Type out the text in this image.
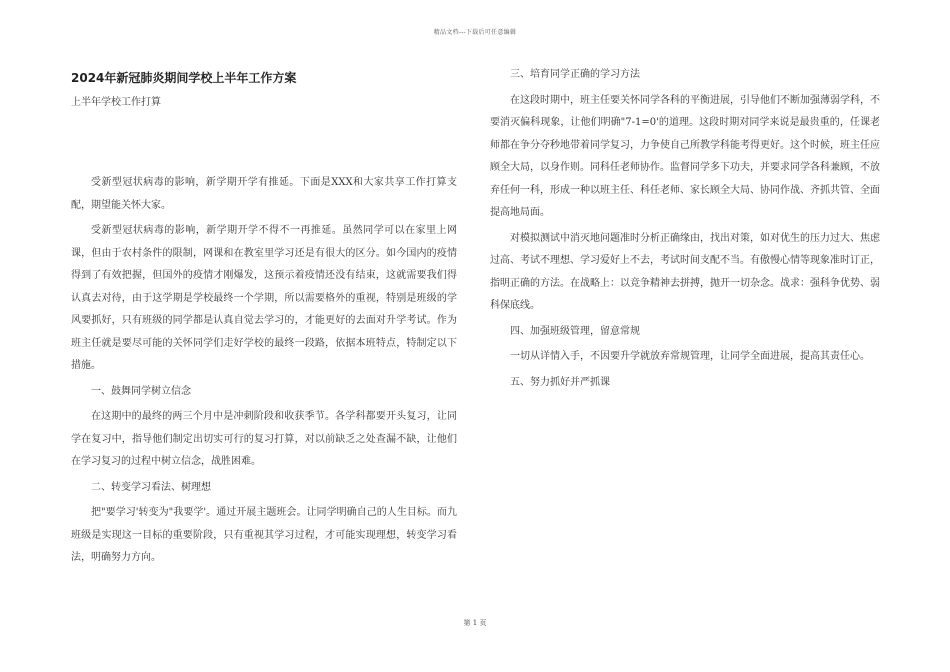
精品文档---下载后可任意编辑
2024年新冠肺炎期间学校上半年工作方案
上半年学校工作打算

受新型冠状病毒的影响，新学期开学有推延。下面是XXX和大家共享工作打算支配，期望能关怀大家。

受新型冠状病毒的影响，新学期开学不得不一再推延。虽然同学可以在家里上网课，但由于农村条件的限制，网课和在教室里学习还是有很大的区分。如今国内的疫情得到了有效把握，但国外的疫情才刚爆发，这预示着疫情还没有结束，这就需要我们得认真去对待，由于这学期是学校最终一个学期，所以需要格外的重视，特别是班级的学风要抓好，只有班级的同学都是认真自觉去学习的，才能更好的去面对升学考试。作为班主任就是要尽可能的关怀同学们走好学校的最终一段路，依据本班特点，特制定以下措施。

一、鼓舞同学树立信念

在这期中的最终的两三个月中是冲刺阶段和收获季节。各学科都要开头复习，让同学在复习中，指导他们制定出切实可行的复习打算，对以前缺乏之处查漏不缺，让他们在学习复习的过程中树立信念，战胜困难。

二、转变学习看法、树理想

把"要学习'转变为"我要学'。通过开展主题班会。让同学明确自己的人生目标。而九班级是实现这一目标的重要阶段，只有重视其学习过程，才可能实现理想，转变学习看法，明确努力方向。

三、培育同学正确的学习方法

在这段时期中，班主任要关怀同学各科的平衡进展，引导他们不断加强薄弱学科，不要消灭偏科现象，让他们明确"7-1=0'的道理。这段时期对同学来说是最贵重的，任课老师都在争分夺秒地带着同学复习，力争使自己所教学科能考得更好。这个时候，班主任应顾全大局，以身作则。同科任老师协作。监督同学多下功夫，并要求同学各科兼顾，不放弃任何一科，形成一种以班主任、科任老师、家长顾全大局、协同作战、齐抓共管、全面提高地局面。

对模拟测试中消灭地问题准时分析正确缘由，找出对策，如对优生的压力过大、焦虑过高、考试不理想、学习爱好上不去，考试时间支配不当。有傲慢心情等现象准时订正，指明正确的方法。在战略上：以竞争精神去拼搏，抛开一切杂念。战求：强科争优势、弱科保底线。

四、加强班级管理，留意常规

一切从详情入手，不因要升学就放弃常规管理，让同学全面进展，提高其责任心。

五、努力抓好并严抓课
第 1 页
